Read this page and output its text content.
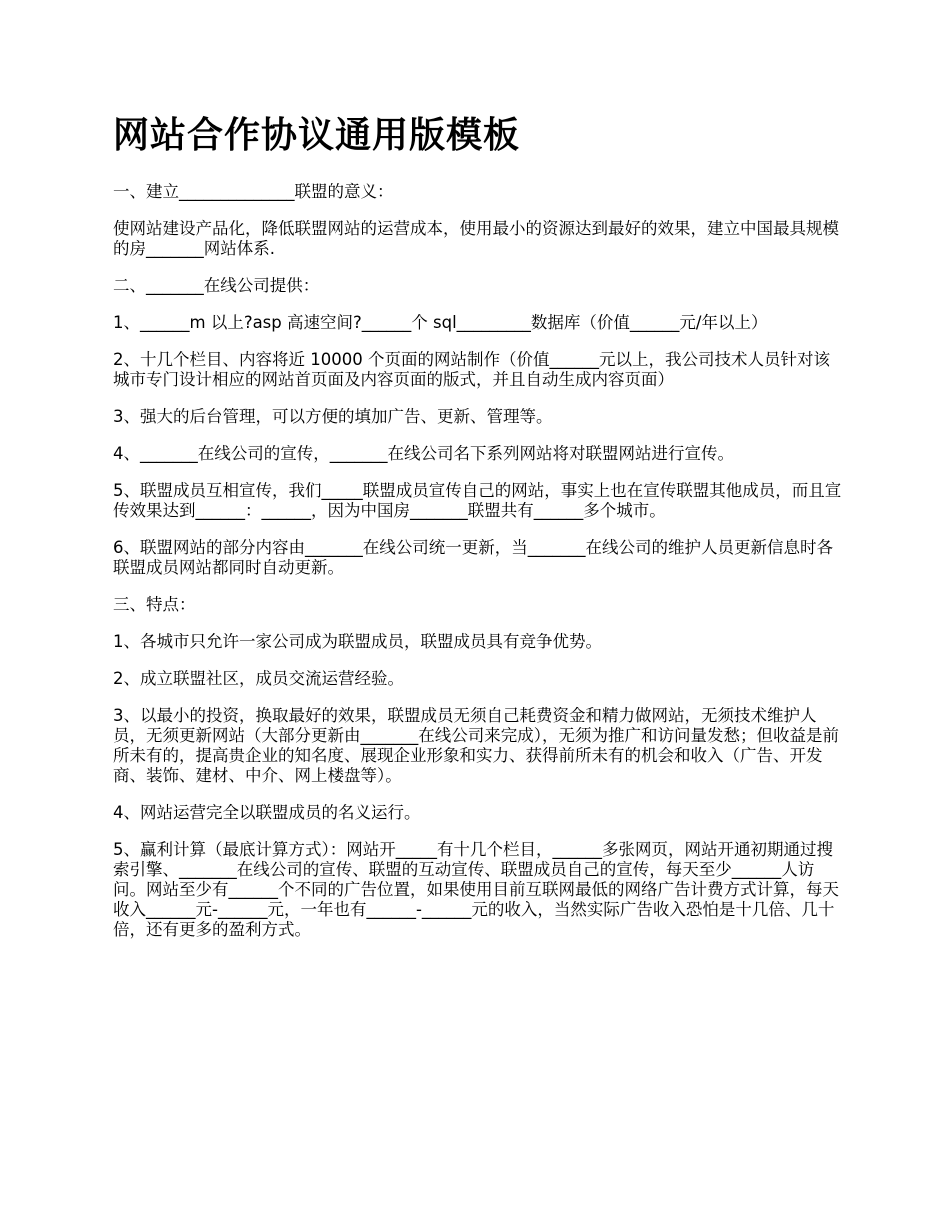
网站合作协议通用版模板

一、建立______________联盟的意义：

使网站建设产品化，降低联盟网站的运营成本，使用最小的资源达到最好的效果，建立中国最具规模的房_______网站体系.

二、_______在线公司提供：

1、______m 以上?asp 高速空间?______个 sql_________数据库（价值______元/年以上）

2、十几个栏目、内容将近 10000 个页面的网站制作（价值______元以上，我公司技术人员针对该城市专门设计相应的网站首页面及内容页面的版式，并且自动生成内容页面）

3、强大的后台管理，可以方便的填加广告、更新、管理等。

4、_______在线公司的宣传，_______在线公司名下系列网站将对联盟网站进行宣传。

5、联盟成员互相宣传，我们_____联盟成员宣传自己的网站，事实上也在宣传联盟其他成员，而且宣传效果达到______：______，因为中国房_______联盟共有______多个城市。

6、联盟网站的部分内容由_______在线公司统一更新，当_______在线公司的维护人员更新信息时各联盟成员网站都同时自动更新。

三、特点：

1、各城市只允许一家公司成为联盟成员，联盟成员具有竞争优势。

2、成立联盟社区，成员交流运营经验。

3、以最小的投资，换取最好的效果，联盟成员无须自己耗费资金和精力做网站，无须技术维护人员，无须更新网站（大部分更新由_______在线公司来完成），无须为推广和访问量发愁；但收益是前所未有的，提高贵企业的知名度、展现企业形象和实力、获得前所未有的机会和收入（广告、开发商、装饰、建材、中介、网上楼盘等）。

4、网站运营完全以联盟成员的名义运行。

5、赢利计算（最底计算方式）：网站开_____有十几个栏目，______多张网页，网站开通初期通过搜索引擎、_______在线公司的宣传、联盟的互动宣传、联盟成员自己的宣传，每天至少______人访问。网站至少有______个不同的广告位置，如果使用目前互联网最低的网络广告计费方式计算，每天收入______元-______元，一年也有______-______元的收入，当然实际广告收入恐怕是十几倍、几十倍，还有更多的盈利方式。
